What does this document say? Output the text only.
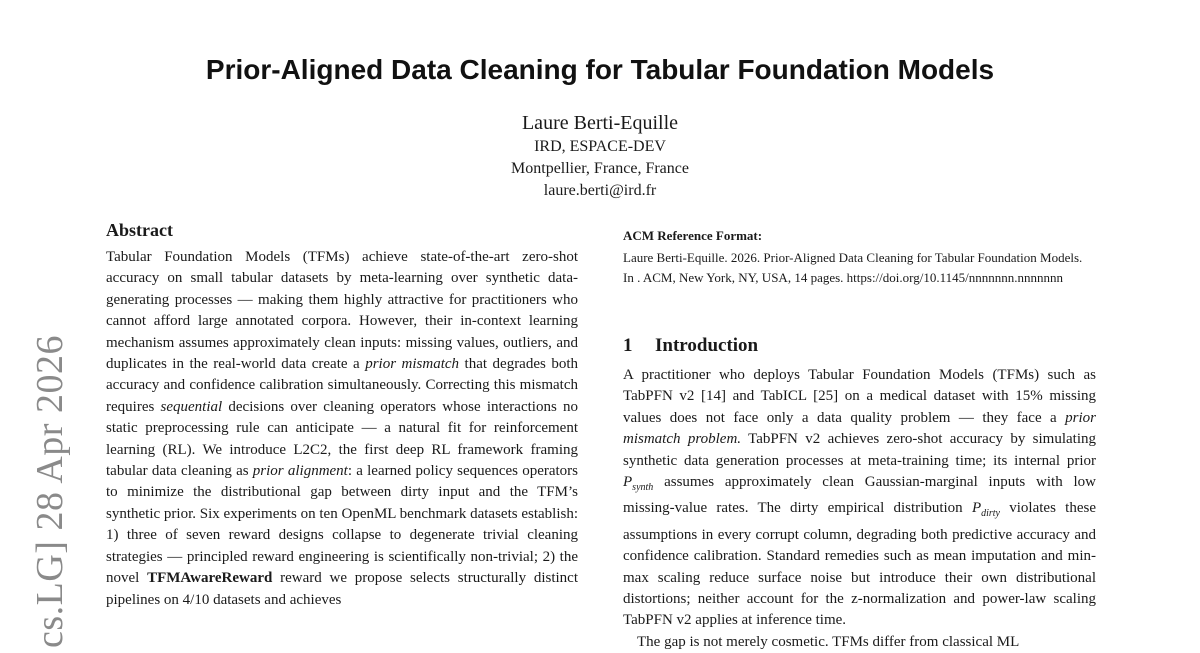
Prior-Aligned Data Cleaning for Tabular Foundation Models
Laure Berti-Equille
IRD, ESPACE-DEV
Montpellier, France, France
laure.berti@ird.fr
cs.LG] 28 Apr 2026
Abstract

Tabular Foundation Models (TFMs) achieve state-of-the-art zero-shot accuracy on small tabular datasets by meta-learning over synthetic data-generating processes — making them highly attractive for practitioners who cannot afford large annotated corpora. However, their in-context learning mechanism assumes approximately clean inputs: missing values, outliers, and duplicates in the real-world data create a prior mismatch that degrades both accuracy and confidence calibration simultaneously. Correcting this mismatch requires sequential decisions over cleaning operators whose interactions no static preprocessing rule can anticipate — a natural fit for reinforcement learning (RL). We introduce L2C2, the first deep RL framework framing tabular data cleaning as prior alignment: a learned policy sequences operators to minimize the distributional gap between dirty input and the TFM’s synthetic prior. Six experiments on ten OpenML benchmark datasets establish: 1) three of seven reward designs collapse to degenerate trivial cleaning strategies — principled reward engineering is scientifically non-trivial; 2) the novel TFMAwareReward reward we propose selects structurally distinct pipelines on 4/10 datasets and achieves

ACM Reference Format:

Laure Berti-Equille. 2026. Prior-Aligned Data Cleaning for Tabular Foundation Models. In . ACM, New York, NY, USA, 14 pages. https://doi.org/10.1145/nnnnnnn.nnnnnnn

1 Introduction

A practitioner who deploys Tabular Foundation Models (TFMs) such as TabPFN v2 [14] and TabICL [25] on a medical dataset with 15% missing values does not face only a data quality problem — they face a prior mismatch problem. TabPFN v2 achieves zero-shot accuracy by simulating synthetic data generation processes at meta-training time; its internal prior $P_{synth}$ assumes approximately clean Gaussian-marginal inputs with low missing-value rates. The dirty empirical distribution $P_{dirty}$ violates these assumptions in every corrupt column, degrading both predictive accuracy and confidence calibration. Standard remedies such as mean imputation and min-max scaling reduce surface noise but introduce their own distributional distortions; neither account for the z-normalization and power-law scaling TabPFN v2 applies at inference time.

The gap is not merely cosmetic. TFMs differ from classical ML
